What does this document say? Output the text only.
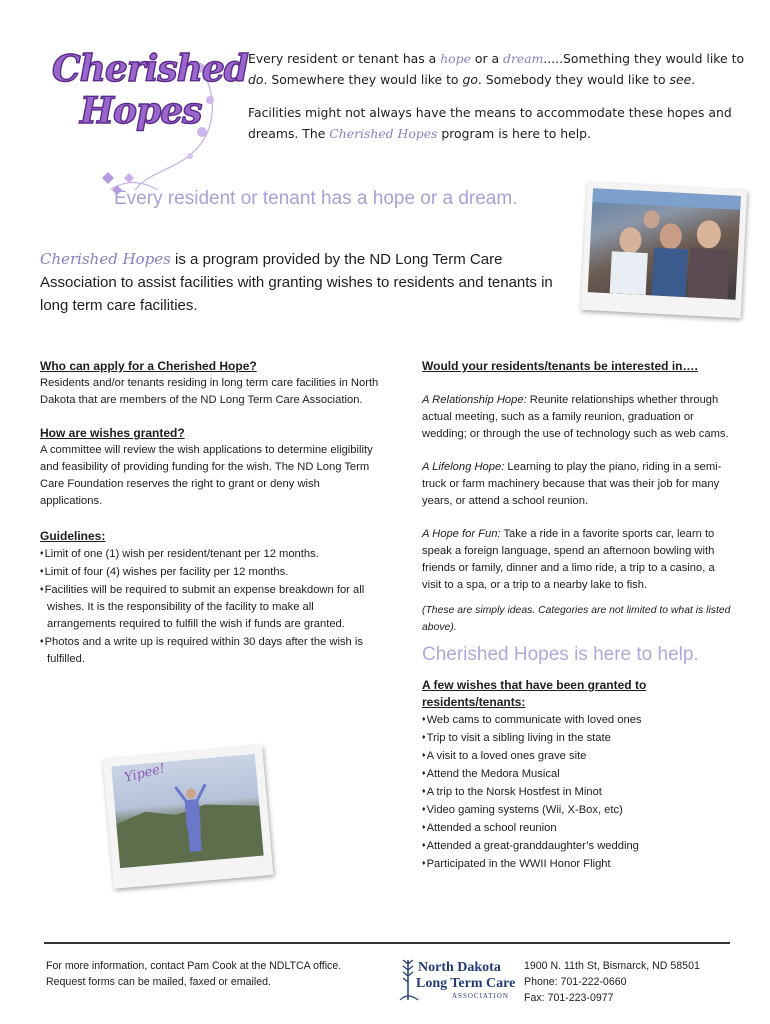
Cherished
Hopes

Every resident or tenant has a hope or a dream.....Something they would like to do. Somewhere they would like to go. Somebody they would like to see.

Facilities might not always have the means to accommodate these hopes and dreams. The Cherished Hopes program is here to help.

Every resident or tenant has a hope or a dream.
Cherished Hopes is a program provided by the ND Long Term Care Association to assist facilities with granting wishes to residents and tenants in long term care facilities.
Who can apply for a Cherished Hope?

Residents and/or tenants residing in long term care facilities in North Dakota that are members of the ND Long Term Care Association.

How are wishes granted?

A committee will review the wish applications to determine eligibility and feasibility of providing funding for the wish. The ND Long Term Care Foundation reserves the right to grant or deny wish applications.

Guidelines:

♦ Limit of one (1) wish per resident/tenant per 12 months.

♦ Limit of four (4) wishes per facility per 12 months.

♦ Facilities will be required to submit an expense breakdown for all wishes. It is the responsibility of the facility to make all arrangements required to fulfill the wish if funds are granted.

♦ Photos and a write up is required within 30 days after the wish is fulfilled.

Yipee!
Would your residents/tenants be interested in….

A Relationship Hope: Reunite relationships whether through actual meeting, such as a family reunion, graduation or wedding; or through the use of technology such as web cams.

A Lifelong Hope: Learning to play the piano, riding in a semi-truck or farm machinery because that was their job for many years, or attend a school reunion.

A Hope for Fun: Take a ride in a favorite sports car, learn to speak a foreign language, spend an afternoon bowling with friends or family, dinner and a limo ride, a trip to a casino, a visit to a spa, or a trip to a nearby lake to fish.

(These are simply ideas. Categories are not limited to what is listed above).

Cherished Hopes is here to help.

A few wishes that have been granted to residents/tenants:

♦ Web cams to communicate with loved ones

♦ Trip to visit a sibling living in the state

♦ A visit to a loved ones grave site

♦ Attend the Medora Musical

♦ A trip to the Norsk Hostfest in Minot

♦ Video gaming systems (Wii, X-Box, etc)

♦ Attended a school reunion

♦ Attended a great-granddaughter’s wedding

♦ Participated in the WWII Honor Flight

For more information, contact Pam Cook at the NDLTCA office.
Request forms can be mailed, faxed or emailed.
North Dakota
Long Term Care
ASSOCIATION
1900 N. 11th St, Bismarck, ND 58501
Phone: 701-222-0660
Fax: 701-223-0977
